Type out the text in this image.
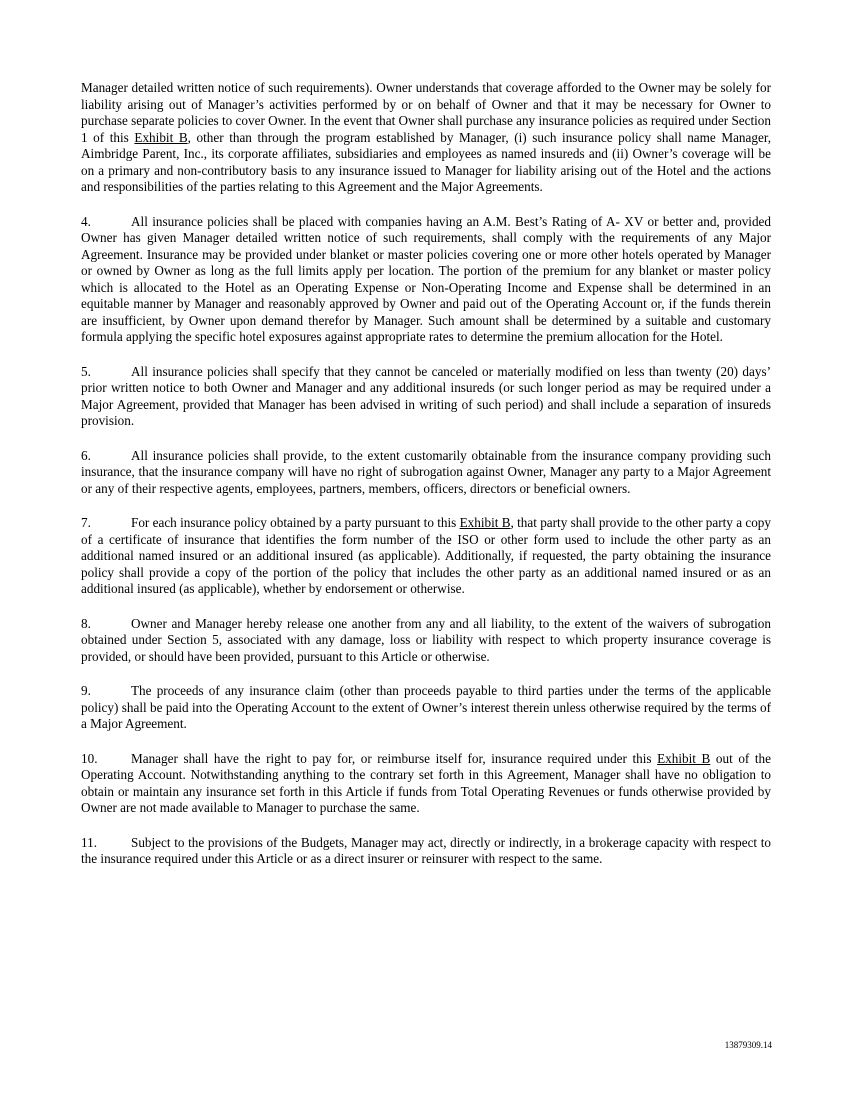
Manager detailed written notice of such requirements). Owner understands that coverage afforded to the Owner may be solely for liability arising out of Manager’s activities performed by or on behalf of Owner and that it may be necessary for Owner to purchase separate policies to cover Owner. In the event that Owner shall purchase any insurance policies as required under Section 1 of this Exhibit B, other than through the program established by Manager, (i) such insurance policy shall name Manager, Aimbridge Parent, Inc., its corporate affiliates, subsidiaries and employees as named insureds and (ii) Owner’s coverage will be on a primary and non-contributory basis to any insurance issued to Manager for liability arising out of the Hotel and the actions and responsibilities of the parties relating to this Agreement and the Major Agreements.

4.	All insurance policies shall be placed with companies having an A.M. Best’s Rating of A- XV or better and, provided Owner has given Manager detailed written notice of such requirements, shall comply with the requirements of any Major Agreement. Insurance may be provided under blanket or master policies covering one or more other hotels operated by Manager or owned by Owner as long as the full limits apply per location. The portion of the premium for any blanket or master policy which is allocated to the Hotel as an Operating Expense or Non-Operating Income and Expense shall be determined in an equitable manner by Manager and reasonably approved by Owner and paid out of the Operating Account or, if the funds therein are insufficient, by Owner upon demand therefor by Manager. Such amount shall be determined by a suitable and customary formula applying the specific hotel exposures against appropriate rates to determine the premium allocation for the Hotel.

5.	All insurance policies shall specify that they cannot be canceled or materially modified on less than twenty (20) days’ prior written notice to both Owner and Manager and any additional insureds (or such longer period as may be required under a Major Agreement, provided that Manager has been advised in writing of such period) and shall include a separation of insureds provision.

6.	All insurance policies shall provide, to the extent customarily obtainable from the insurance company providing such insurance, that the insurance company will have no right of subrogation against Owner, Manager any party to a Major Agreement or any of their respective agents, employees, partners, members, officers, directors or beneficial owners.

7.	For each insurance policy obtained by a party pursuant to this Exhibit B, that party shall provide to the other party a copy of a certificate of insurance that identifies the form number of the ISO or other form used to include the other party as an additional named insured or an additional insured (as applicable). Additionally, if requested, the party obtaining the insurance policy shall provide a copy of the portion of the policy that includes the other party as an additional named insured or as an additional insured (as applicable), whether by endorsement or otherwise.

8.	Owner and Manager hereby release one another from any and all liability, to the extent of the waivers of subrogation obtained under Section 5, associated with any damage, loss or liability with respect to which property insurance coverage is provided, or should have been provided, pursuant to this Article or otherwise.

9.	The proceeds of any insurance claim (other than proceeds payable to third parties under the terms of the applicable policy) shall be paid into the Operating Account to the extent of Owner’s interest therein unless otherwise required by the terms of a Major Agreement.

10.	Manager shall have the right to pay for, or reimburse itself for, insurance required under this Exhibit B out of the Operating Account. Notwithstanding anything to the contrary set forth in this Agreement, Manager shall have no obligation to obtain or maintain any insurance set forth in this Article if funds from Total Operating Revenues or funds otherwise provided by Owner are not made available to Manager to purchase the same.

11.	Subject to the provisions of the Budgets, Manager may act, directly or indirectly, in a brokerage capacity with respect to the insurance required under this Article or as a direct insurer or reinsurer with respect to the same.

13879309.14
